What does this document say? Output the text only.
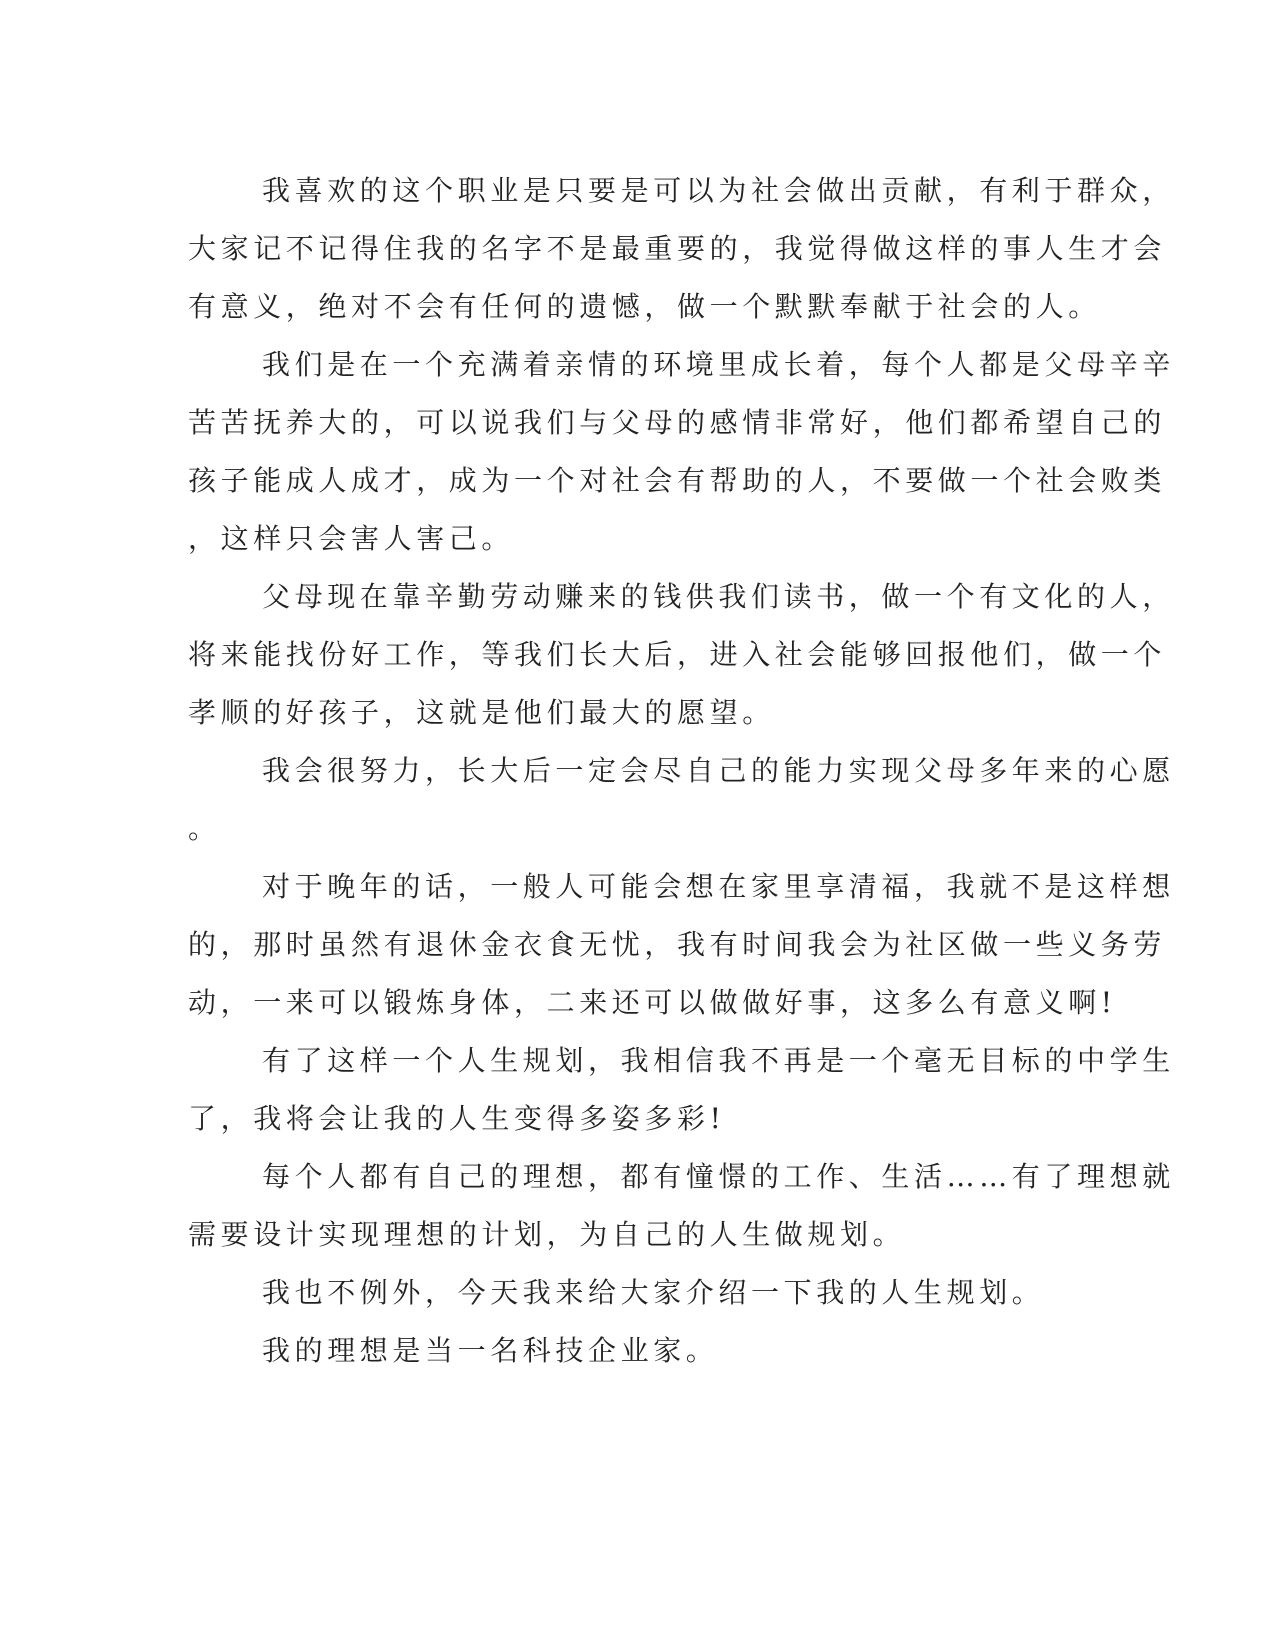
我喜欢的这个职业是只要是可以为社会做出贡献，有利于群众，
大家记不记得住我的名字不是最重要的，我觉得做这样的事人生才会
有意义，绝对不会有任何的遗憾，做一个默默奉献于社会的人。
我们是在一个充满着亲情的环境里成长着，每个人都是父母辛辛
苦苦抚养大的，可以说我们与父母的感情非常好，他们都希望自己的
孩子能成人成才，成为一个对社会有帮助的人，不要做一个社会败类
，这样只会害人害己。
父母现在靠辛勤劳动赚来的钱供我们读书，做一个有文化的人，
将来能找份好工作，等我们长大后，进入社会能够回报他们，做一个
孝顺的好孩子，这就是他们最大的愿望。
我会很努力，长大后一定会尽自己的能力实现父母多年来的心愿
。
对于晚年的话，一般人可能会想在家里享清福，我就不是这样想
的，那时虽然有退休金衣食无忧，我有时间我会为社区做一些义务劳
动，一来可以锻炼身体，二来还可以做做好事，这多么有意义啊!
有了这样一个人生规划，我相信我不再是一个毫无目标的中学生
了，我将会让我的人生变得多姿多彩!
每个人都有自己的理想，都有憧憬的工作、生活……有了理想就
需要设计实现理想的计划，为自己的人生做规划。
我也不例外，今天我来给大家介绍一下我的人生规划。
我的理想是当一名科技企业家。
